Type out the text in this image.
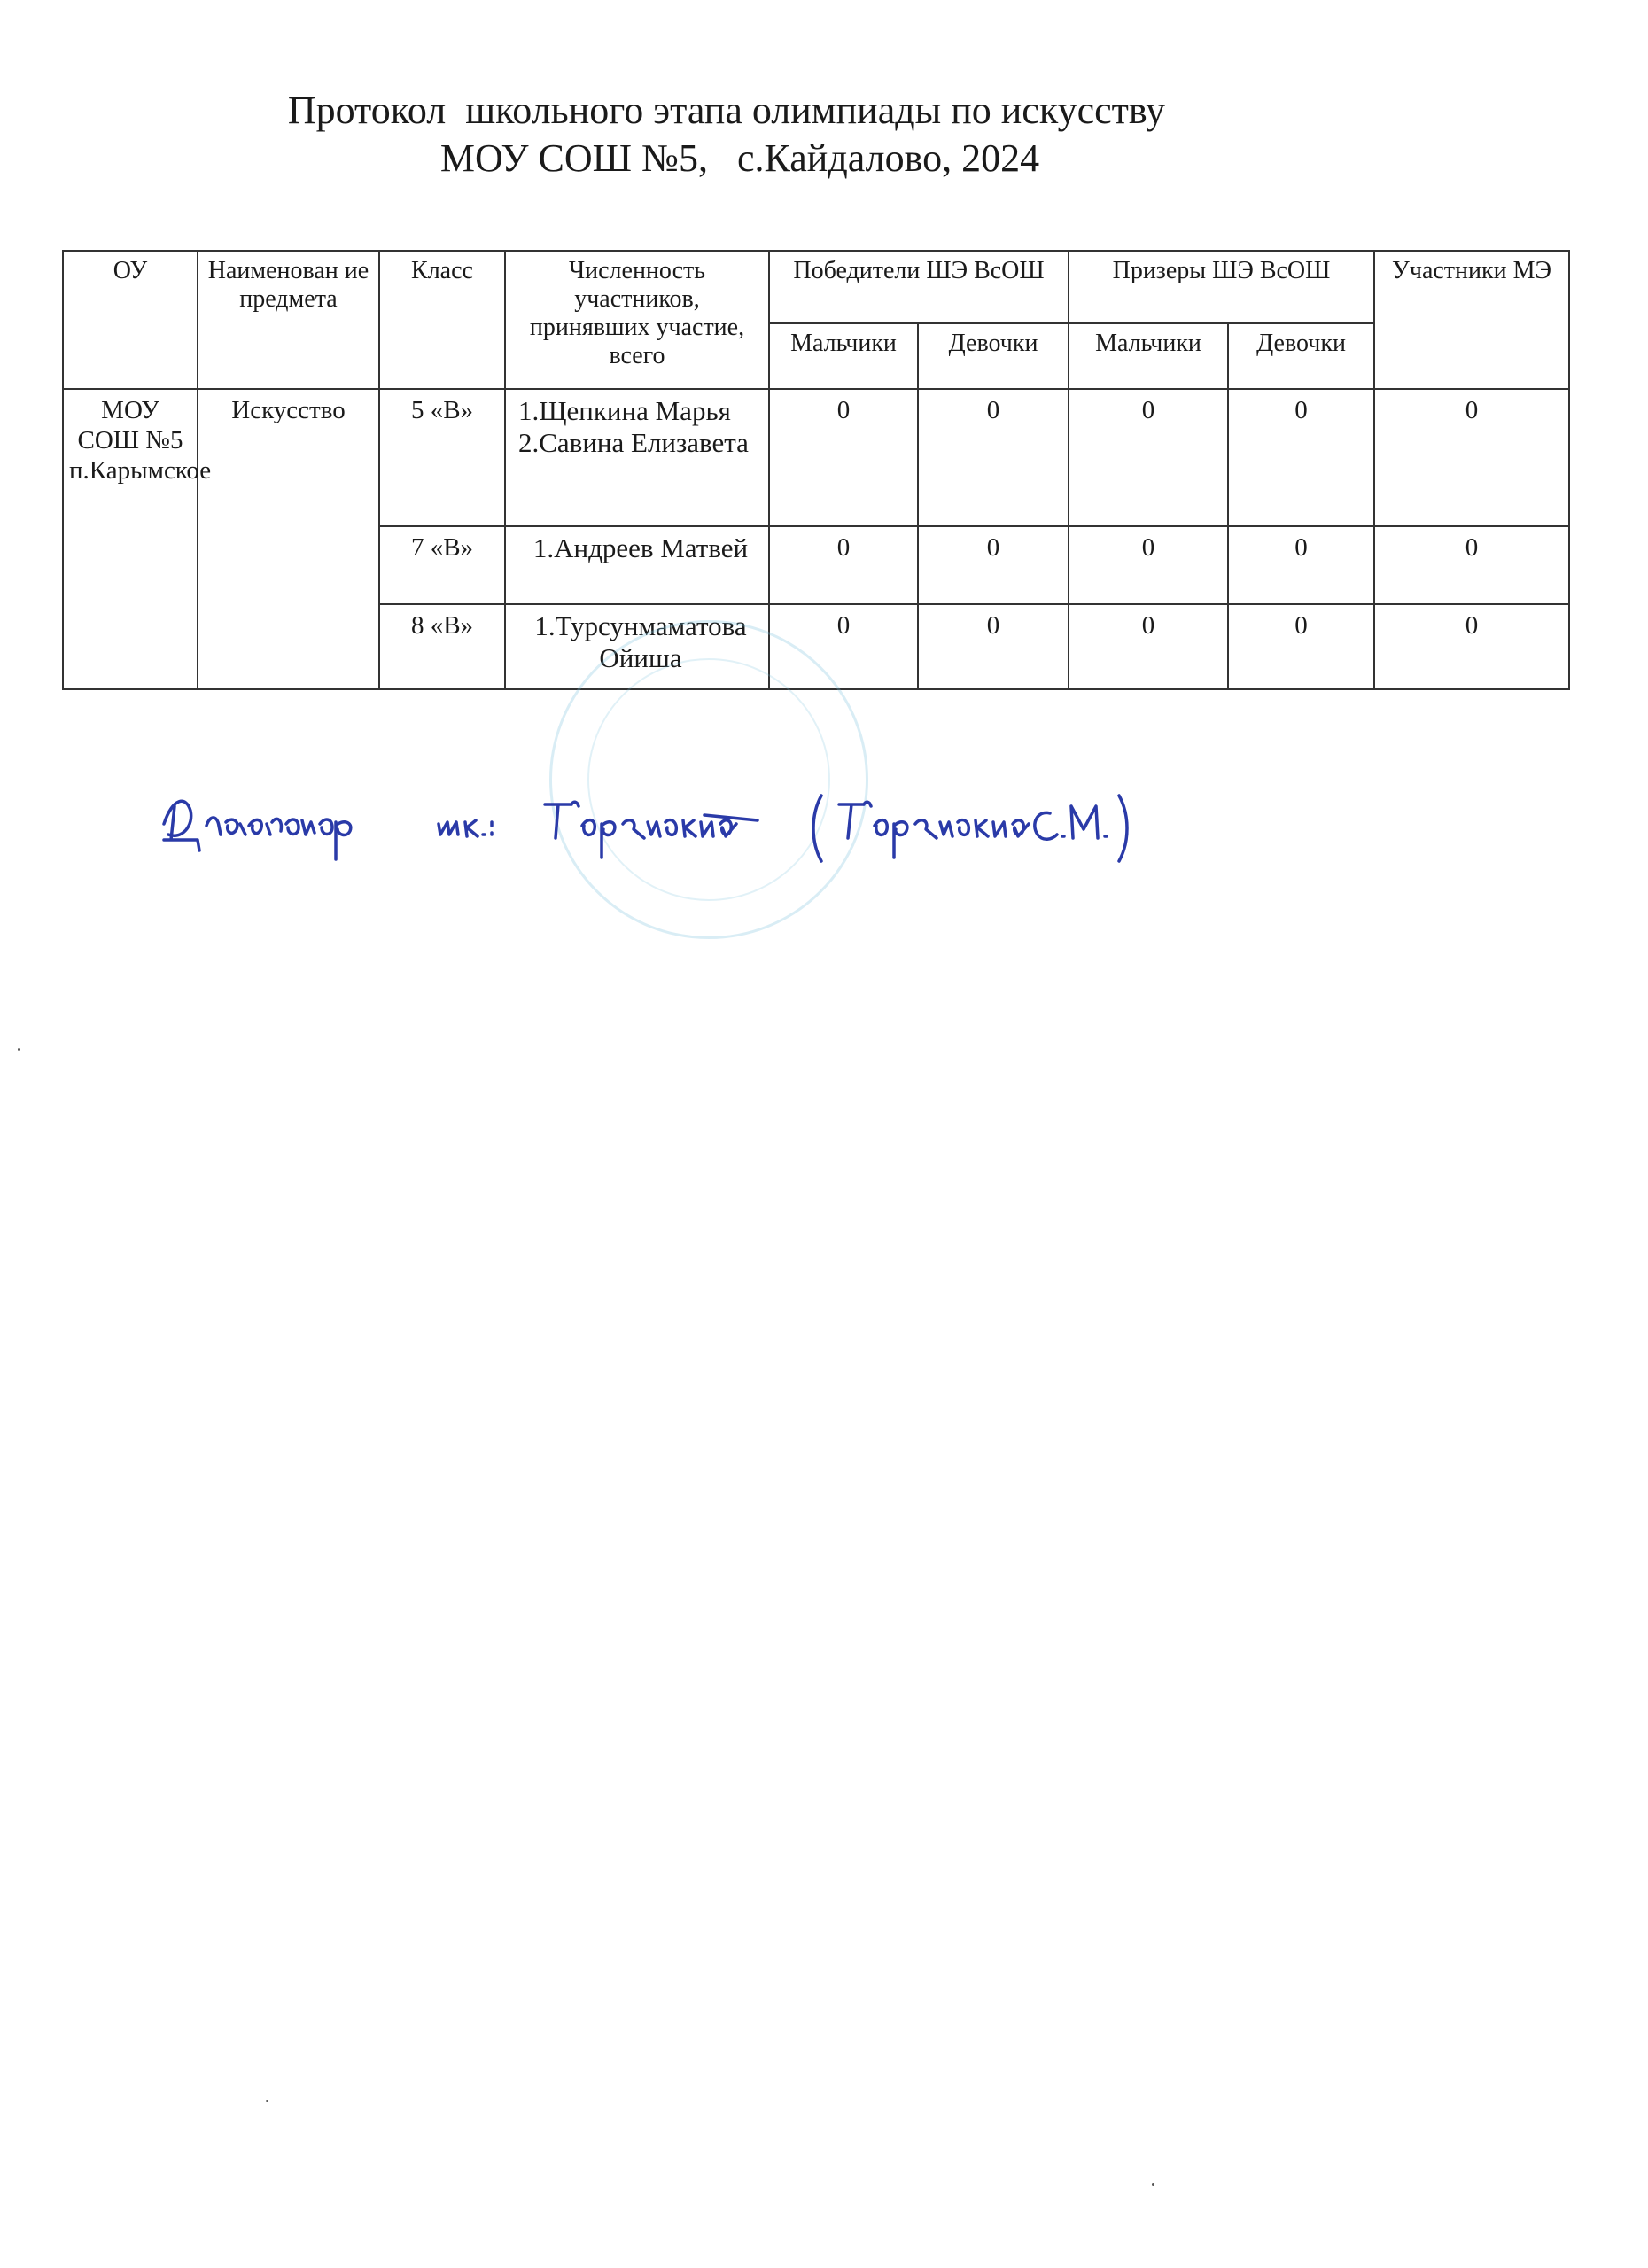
Протокол  школьного этапа олимпиады по искусству
МОУ СОШ №5,   с.Кайдалово, 2024
ОУ	Наименован ие предмета	Класс	Численность участников, принявших участие, всего	Победители ШЭ ВсОШ		Призеры ШЭ ВсОШ		Участники МЭ
				Мальчики	Девочки	Мальчики	Девочки	
МОУ СОШ №5 п.Карымское	Искусство	5 «В»	1.Щепкина Марья
2.Савина Елизавета	0	0	0	0	0
		7 «В»	1.Андреев Матвей	0	0	0	0	0
		8 «В»	1.Турсунмаматова Ойиша	0	0	0	0	0
